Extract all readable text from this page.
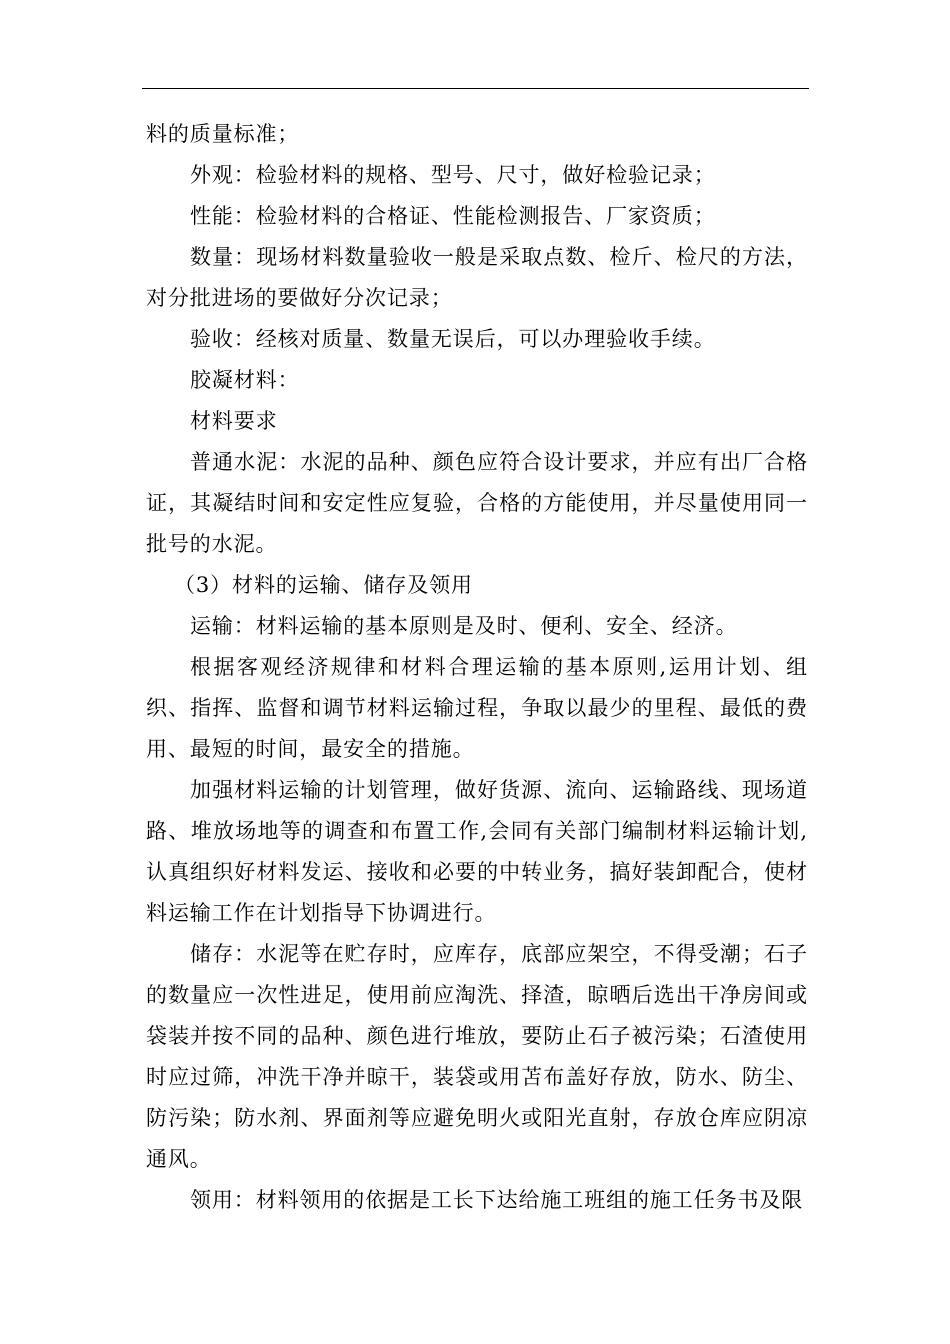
料的质量标准；

外观：检验材料的规格、型号、尺寸，做好检验记录；

性能：检验材料的合格证、性能检测报告、厂家资质；

数量：现场材料数量验收一般是采取点数、检斤、检尺的方法，对分批进场的要做好分次记录；

验收：经核对质量、数量无误后，可以办理验收手续。

胶凝材料：

材料要求

普通水泥：水泥的品种、颜色应符合设计要求，并应有出厂合格证，其凝结时间和安定性应复验，合格的方能使用，并尽量使用同一批号的水泥。

（3）材料的运输、储存及领用

运输：材料运输的基本原则是及时、便利、安全、经济。

根据客观经济规律和材料合理运输的基本原则,运用计划、组织、指挥、监督和调节材料运输过程，争取以最少的里程、最低的费用、最短的时间，最安全的措施。

加强材料运输的计划管理，做好货源、流向、运输路线、现场道路、堆放场地等的调查和布置工作,会同有关部门编制材料运输计划,认真组织好材料发运、接收和必要的中转业务，搞好装卸配合，使材料运输工作在计划指导下协调进行。

储存：水泥等在贮存时，应库存，底部应架空，不得受潮；石子的数量应一次性进足，使用前应淘洗、择渣，晾晒后选出干净房间或袋装并按不同的品种、颜色进行堆放，要防止石子被污染；石渣使用时应过筛，冲洗干净并晾干，装袋或用苫布盖好存放，防水、防尘、防污染；防水剂、界面剂等应避免明火或阳光直射，存放仓库应阴凉通风。

领用：材料领用的依据是工长下达给施工班组的施工任务书及限
